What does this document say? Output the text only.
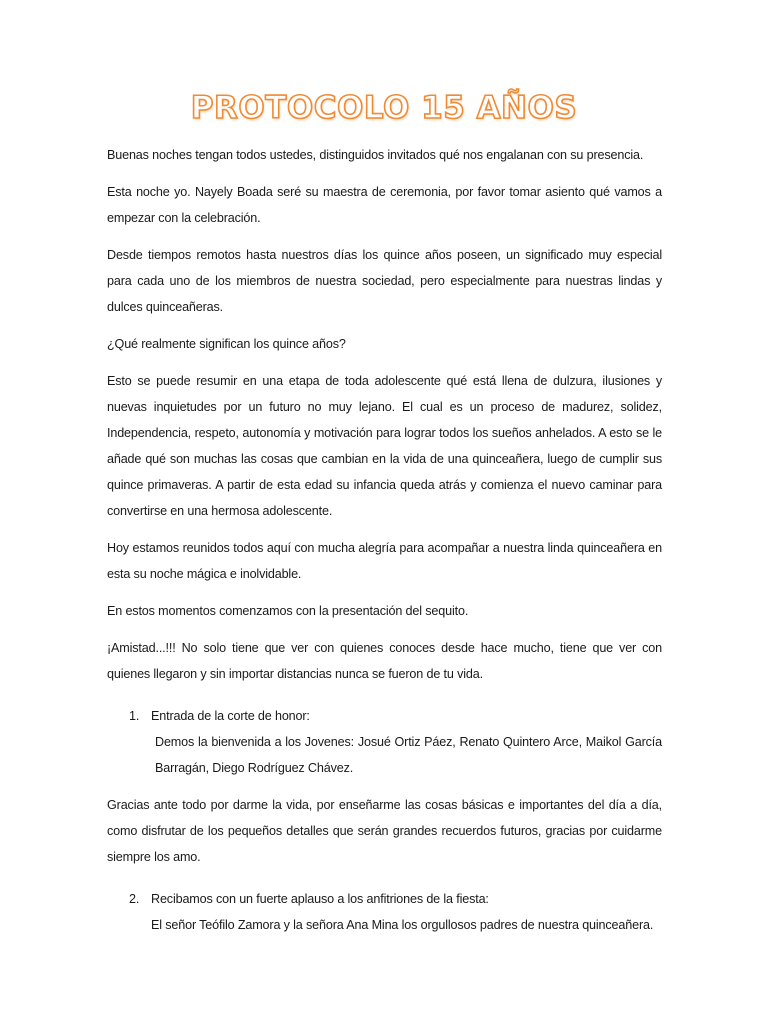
PROTOCOLO 15 AÑOS

Buenas noches tengan todos ustedes, distinguidos invitados qué nos engalanan con su presencia.

Esta noche yo. Nayely Boada seré su maestra de ceremonia, por favor tomar asiento qué vamos a empezar con la celebración.

Desde tiempos remotos hasta nuestros días los quince años poseen, un significado muy especial para cada uno de los miembros de nuestra sociedad, pero especialmente para nuestras lindas y dulces quinceañeras.

¿Qué realmente significan los quince años?

Esto se puede resumir en una etapa de toda adolescente qué está llena de dulzura, ilusiones y nuevas inquietudes por un futuro no muy lejano. El cual es un proceso de madurez, solidez, Independencia, respeto, autonomía y motivación para lograr todos los sueños anhelados. A esto se le añade qué son muchas las cosas que cambian en la vida de una quinceañera, luego de cumplir sus quince primaveras. A partir de esta edad su infancia queda atrás y comienza el nuevo caminar para convertirse en una hermosa adolescente.

Hoy estamos reunidos todos aquí con mucha alegría para acompañar a nuestra linda quinceañera en esta su noche mágica e inolvidable.

En estos momentos comenzamos con la presentación del sequito.

¡Amistad...!!! No solo tiene que ver con quienes conoces desde hace mucho, tiene que ver con quienes llegaron y sin importar distancias nunca se fueron de tu vida.

1. Entrada de la corte de honor:
Demos la bienvenida a los Jovenes: Josué Ortiz Páez, Renato Quintero Arce, Maikol García Barragán, Diego Rodríguez Chávez.

Gracias ante todo por darme la vida, por enseñarme las cosas básicas e importantes del día a día, como disfrutar de los pequeños detalles que serán grandes recuerdos futuros, gracias por cuidarme siempre los amo.

2. Recibamos con un fuerte aplauso a los anfitriones de la fiesta:
El señor Teófilo Zamora y la señora Ana Mina los orgullosos padres de nuestra quinceañera.
